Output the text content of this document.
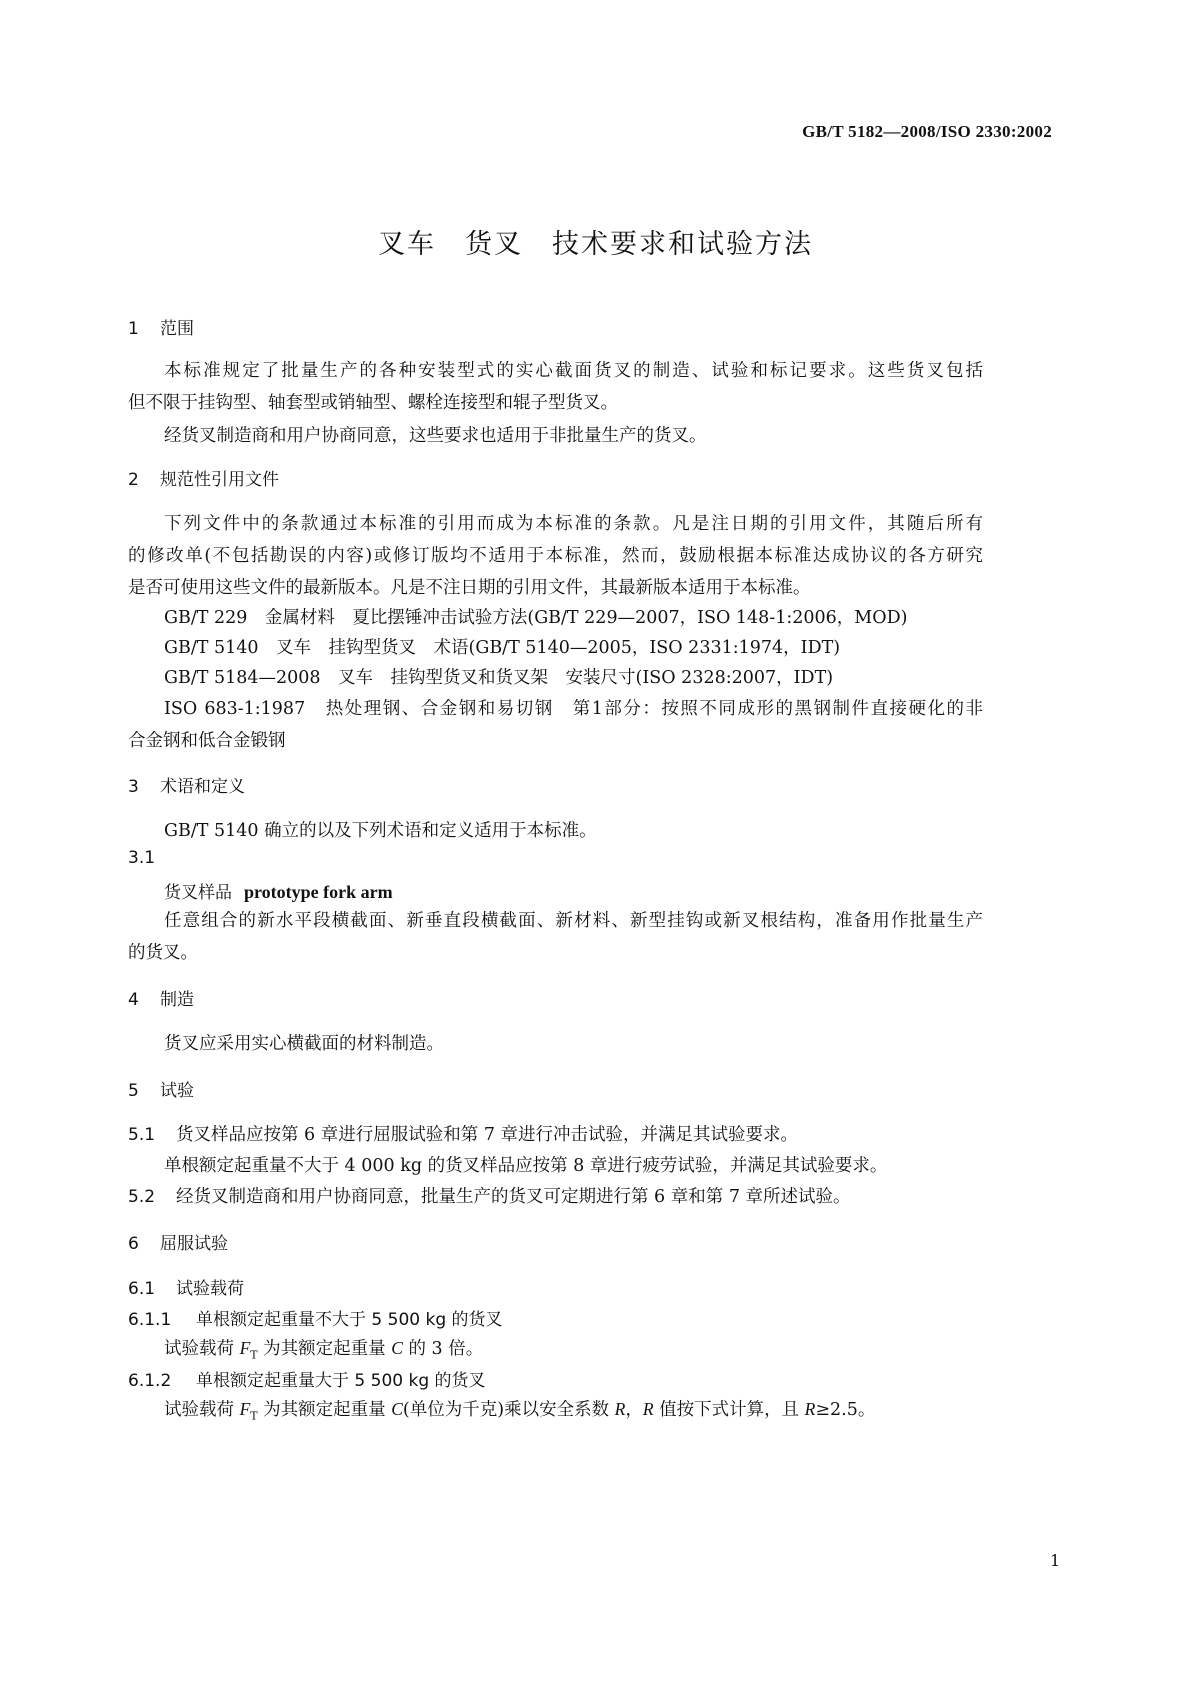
GB/T 5182—2008/ISO 2330:2002
叉车　货叉　技术要求和试验方法
1 范围
本标准规定了批量生产的各种安装型式的实心截面货叉的制造、试验和标记要求。这些货叉包括
但不限于挂钩型、轴套型或销轴型、螺栓连接型和辊子型货叉。
经货叉制造商和用户协商同意，这些要求也适用于非批量生产的货叉。
2 规范性引用文件
下列文件中的条款通过本标准的引用而成为本标准的条款。凡是注日期的引用文件，其随后所有
的修改单(不包括勘误的内容)或修订版均不适用于本标准，然而，鼓励根据本标准达成协议的各方研究
是否可使用这些文件的最新版本。凡是不注日期的引用文件，其最新版本适用于本标准。
GB/T 229　金属材料　夏比摆锤冲击试验方法(GB/T 229—2007，ISO 148-1:2006，MOD)
GB/T 5140　叉车　挂钩型货叉　术语(GB/T 5140—2005，ISO 2331:1974，IDT)
GB/T 5184—2008　叉车　挂钩型货叉和货叉架　安装尺寸(ISO 2328:2007，IDT)
ISO 683-1:1987　热处理钢、合金钢和易切钢　第1部分：按照不同成形的黑钢制件直接硬化的非
合金钢和低合金锻钢
3 术语和定义
GB/T 5140 确立的以及下列术语和定义适用于本标准。
3.1
货叉样品 prototype fork arm
任意组合的新水平段横截面、新垂直段横截面、新材料、新型挂钩或新叉根结构，准备用作批量生产
的货叉。
4 制造
货叉应采用实心横截面的材料制造。
5 试验
5.1 货叉样品应按第 6 章进行屈服试验和第 7 章进行冲击试验，并满足其试验要求。
单根额定起重量不大于 4 000 kg 的货叉样品应按第 8 章进行疲劳试验，并满足其试验要求。
5.2 经货叉制造商和用户协商同意，批量生产的货叉可定期进行第 6 章和第 7 章所述试验。
6 屈服试验
6.1 试验载荷
6.1.1 单根额定起重量不大于 5 500 kg 的货叉
试验载荷 $F_T$ 为其额定起重量 C 的 3 倍。
6.1.2 单根额定起重量大于 5 500 kg 的货叉
试验载荷 $F_T$ 为其额定起重量 C(单位为千克)乘以安全系数 R，R 值按下式计算，且 R≥2.5。
1
